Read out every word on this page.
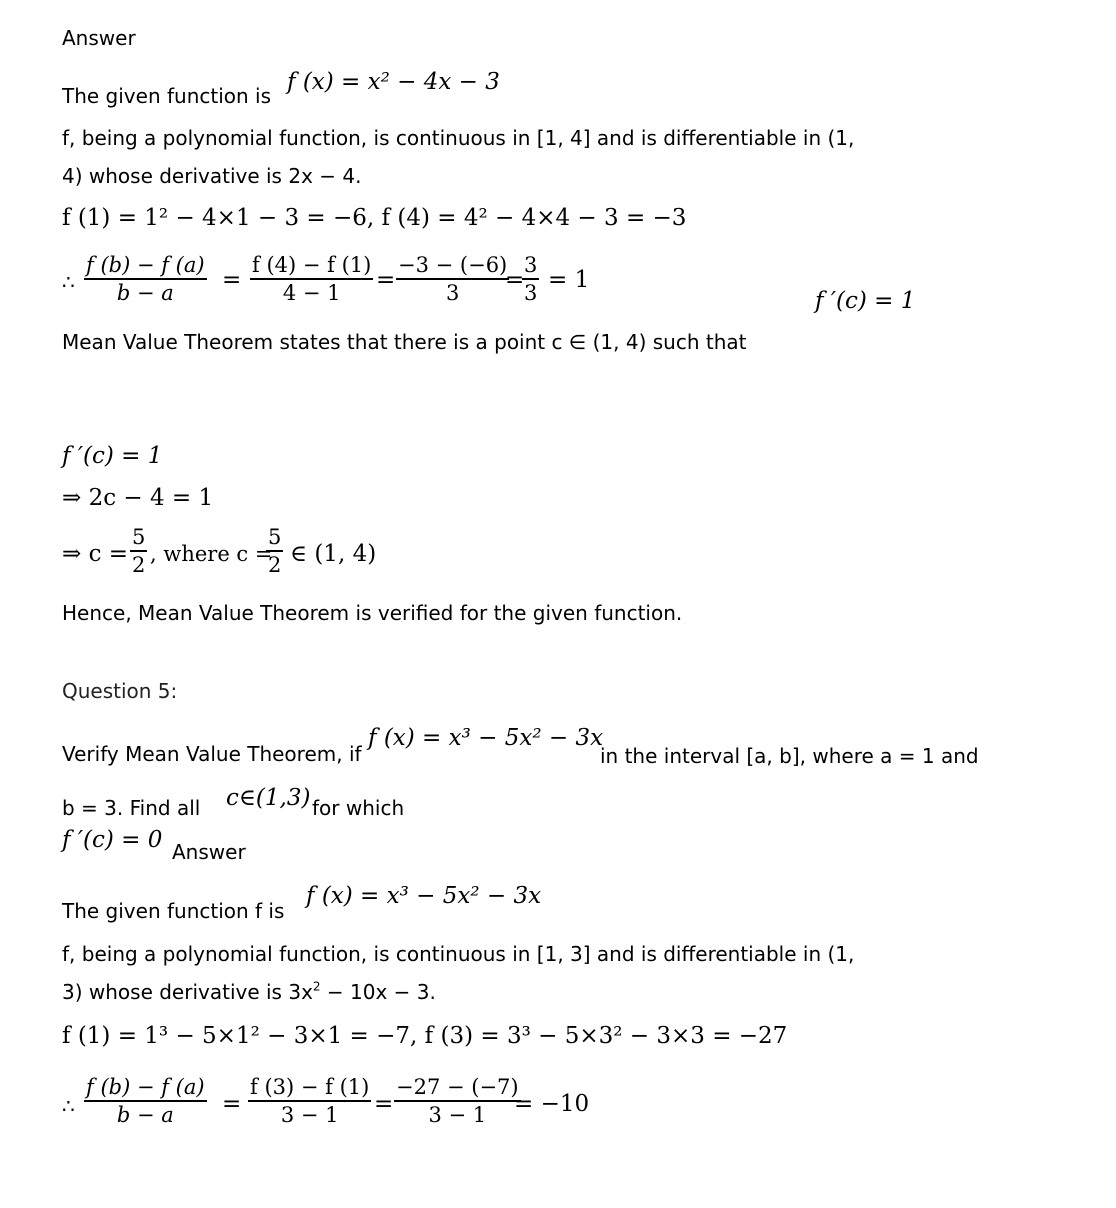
Answer
The given function is
f (x) = x² − 4x − 3
f, being a polynomial function, is continuous in [1, 4] and is differentiable in (1,
4) whose derivative is 2x − 4.
f (1) = 1² − 4×1 − 3 = −6, f (4) = 4² − 4×4 − 3 = −3
∴ $\frac{f (b) - f (a)}{b - a} = \frac{f (4) - f (1)}{4 - 1} = \frac{-3 - (-6)}{3}$
=
$\frac{3}{3} = 1$
f ′(c) = 1
Mean Value Theorem states that there is a point c ∈ (1, 4) such that
f ′(c) = 1
⇒ 2c − 4 = 1
⇒ $c = \frac{5}{2}$ , where c =
$\frac{5}{2}$ ∈ (1, 4)
Hence, Mean Value Theorem is verified for the given function.
Question 5:
Verify Mean Value Theorem, if
f (x) = x³ − 5x² − 3x
in the interval [a, b], where a = 1 and
b = 3. Find all c∈(1,3) for which
f ′(c) = 0 Answer
The given function f is
f (x) = x³ − 5x² − 3x
f, being a polynomial function, is continuous in [1, 3] and is differentiable in (1,
3) whose derivative is $3x^2 - 10x - 3$.
f (1) = 1³ − 5×1² − 3×1 = −7, f (3) = 3³ − 5×3² − 3×3 = −27
∴ $\frac{f (b) - f (a)}{b - a} = \frac{f (3) - f (1)}{3 - 1} = \frac{-27 - (-7)}{3 - 1}$
= −10
